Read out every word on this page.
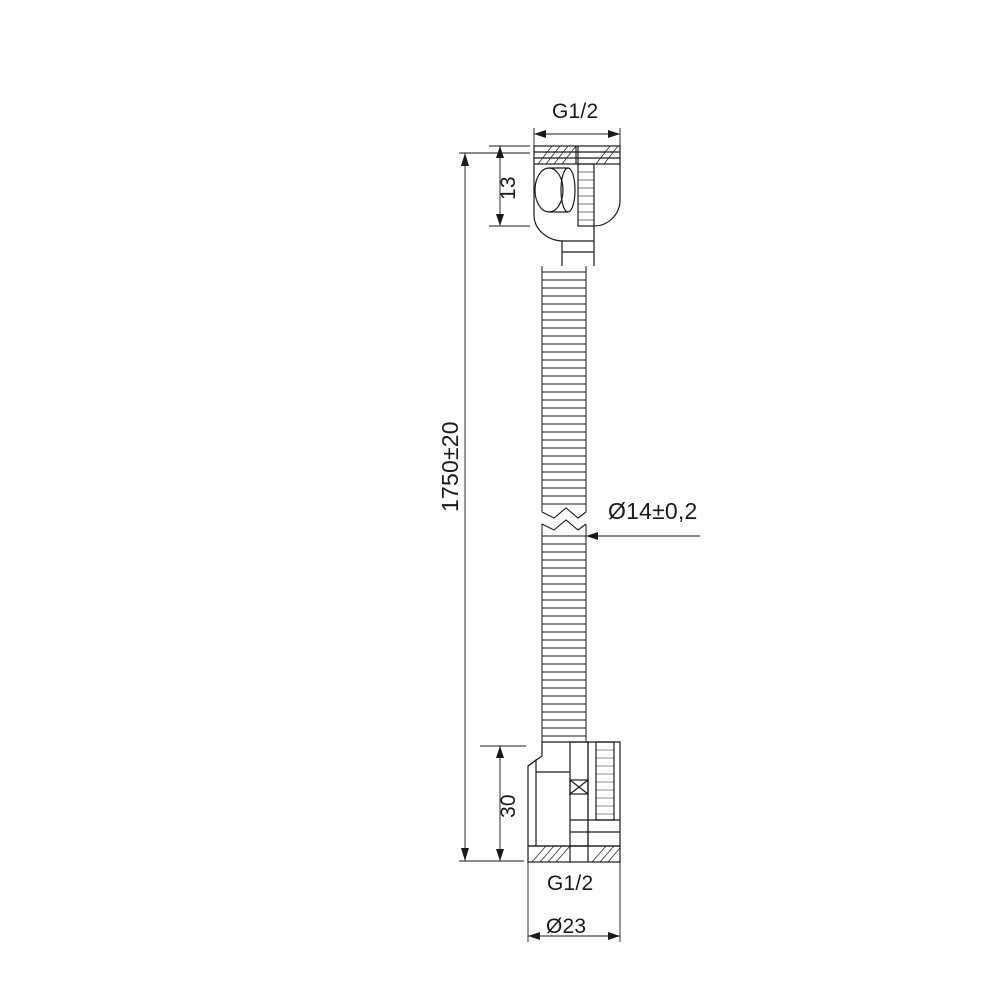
G1/2
13
1750±20	Ø14±0,2
30
G1/2
Ø23
